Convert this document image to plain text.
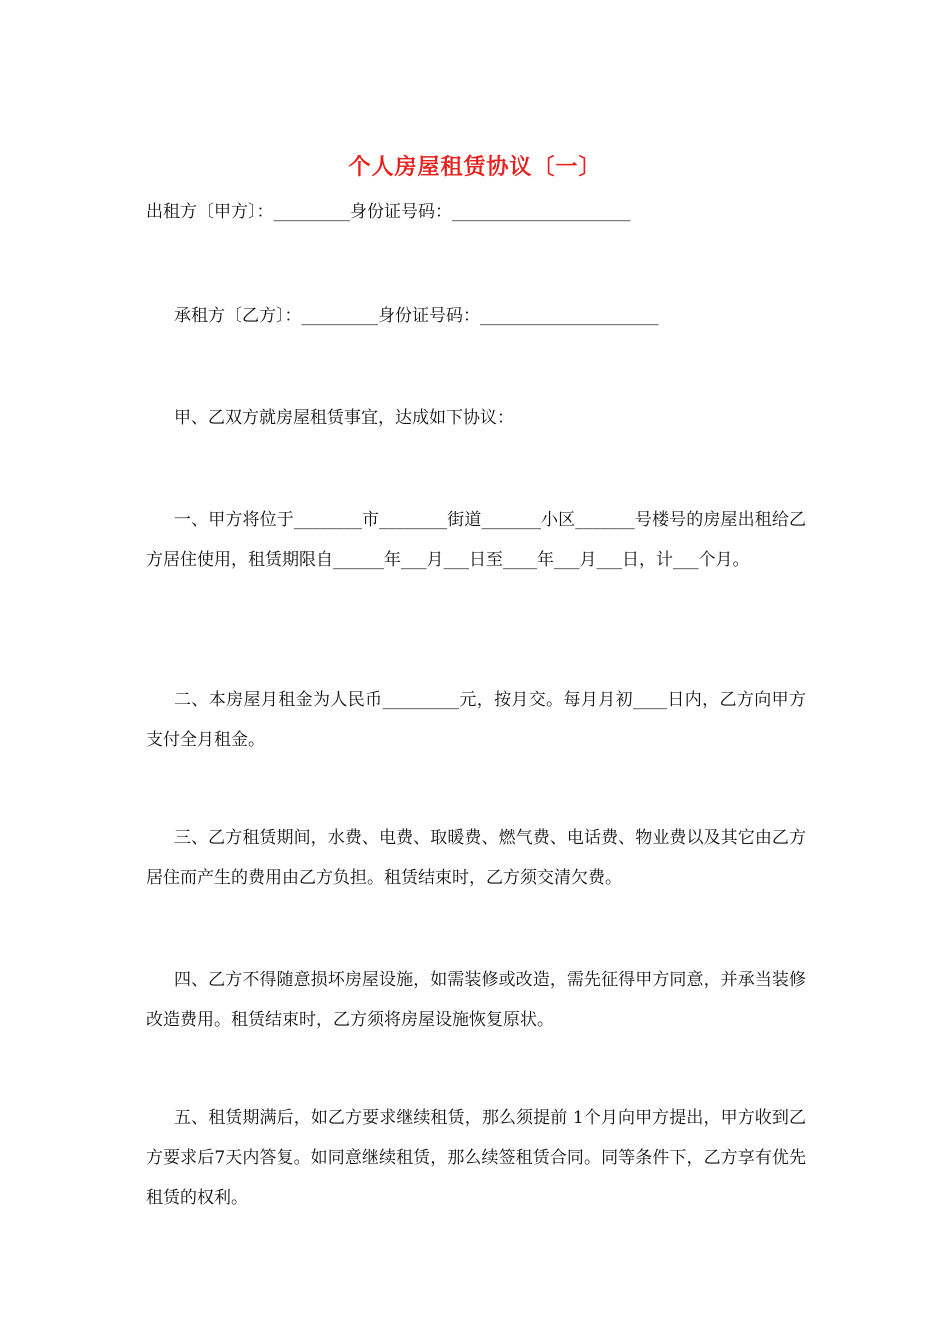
个人房屋租赁协议〔一〕
出租方〔甲方〕：_________身份证号码：_____________________
承租方〔乙方〕：_________身份证号码：_____________________
甲、乙双方就房屋租赁事宜，达成如下协议：
一、甲方将位于________市________街道_______小区_______号楼号的房屋出租给乙方居住使用，租赁期限自______年___月___日至____年___月___日，计___个月。
二、本房屋月租金为人民币_________元，按月交。每月月初____日内，乙方向甲方支付全月租金。
三、乙方租赁期间，水费、电费、取暖费、燃气费、电话费、物业费以及其它由乙方居住而产生的费用由乙方负担。租赁结束时，乙方须交清欠费。
四、乙方不得随意损坏房屋设施，如需装修或改造，需先征得甲方同意，并承当装修改造费用。租赁结束时，乙方须将房屋设施恢复原状。
五、租赁期满后，如乙方要求继续租赁，那么须提前 1个月向甲方提出，甲方收到乙方要求后7天内答复。如同意继续租赁，那么续签租赁合同。同等条件下，乙方享有优先租赁的权利。
